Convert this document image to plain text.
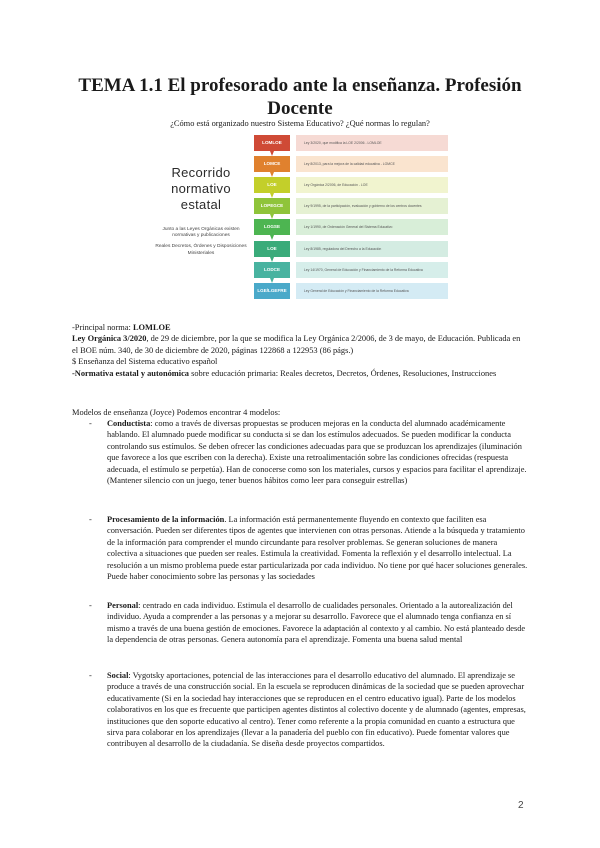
TEMA 1.1 El profesorado ante la enseñanza. Profesión Docente
¿Cómo está organizado nuestro Sistema Educativo? ¿Qué normas lo regulan?
Recorrido normativo estatal
Junto a las Leyes Orgánicas existen normativas y publicaciones
Reales Decretos, Órdenes y Disposiciones Ministeriales
LOMLOE	Ley 3/2020, que modifica la LOE 2/2006 - LOMLOE
LOMCE	Ley 8/2013, para la mejora de la calidad educativa - LOMCE
LOE	Ley Orgánica 2/2006, de Educación - LOE
LOPEGCE	Ley 9/1995, de la participación, evaluación y gobierno de los centros docentes
LOGSE	Ley 1/1990, de Ordenación General del Sistema Educativo
LOE	Ley 8/1985, reguladora del Derecho a la Educación
LODCE	Ley 14/1970, General de Educación y Financiamiento de la Reforma Educativa
LGE/LGEFRE	Ley General de Educación y Financiamiento de la Reforma Educativa

-Principal norma: LOMLOE

Ley Orgánica 3/2020, de 29 de diciembre, por la que se modifica la Ley Orgánica 2/2006, de 3 de mayo, de Educación. Publicada en el BOE núm. 340, de 30 de diciembre de 2020, páginas 122868 a 122953 (86 págs.)

$ Enseñanza del Sistema educativo español

-Normativa estatal y autonómica sobre educación primaria: Reales decretos, Decretos, Órdenes, Resoluciones, Instrucciones

Modelos de enseñanza (Joyce) Podemos encontrar 4 modelos:
- Conductista: como a través de diversas propuestas se producen mejoras en la conducta del alumnado académicamente hablando. El alumnado puede modificar su conducta si se dan los estímulos adecuados. Se pueden modificar la conducta controlando sus estímulos. Se deben ofrecer las condiciones adecuadas para que se produzcan los aprendizajes (iluminación que favorece a los que escriben con la derecha). Existe una retroalimentación sobre las condiciones ofrecidas (respuesta adecuada, el estímulo se perpetúa). Han de conocerse como son los materiales, cursos y espacios para facilitar el aprendizaje. (Mantener silencio con un juego, tener buenos hábitos como leer para conseguir estrellas)
- Procesamiento de la información. La información está permanentemente fluyendo en contexto que faciliten esa conversación. Pueden ser diferentes tipos de agentes que intervienen con otras personas. Atiende a la búsqueda y tratamiento de la información para comprender el mundo circundante para resolver problemas. Se generan soluciones de manera colectiva a situaciones que pueden ser reales. Estimula la creatividad. Fomenta la reflexión y el desarrollo intelectual. La resolución a un mismo problema puede estar particularizada por cada individuo. No tiene por qué hacer soluciones generales. Puede haber conocimiento sobre las personas y las sociedades
- Personal: centrado en cada individuo. Estimula el desarrollo de cualidades personales. Orientado a la autorealización del individuo. Ayuda a comprender a las personas y a mejorar su desarrollo. Favorece que el alumnado tenga confianza en sí mismo a través de una buena gestión de emociones. Favorece la adaptación al contexto y al cambio. No está planteado desde la dependencia de otras personas. Genera autonomía para el aprendizaje. Fomenta una buena salud mental
- Social: Vygotsky aportaciones, potencial de las interacciones para el desarrollo educativo del alumnado. El aprendizaje se produce a través de una construcción social. En la escuela se reproducen dinámicas de la sociedad que se pueden aprovechar educativamente (Si en la sociedad hay interacciones que se reproducen en el centro educativo igual). Parte de los modelos colaborativos en los que es frecuente que participen agentes distintos al colectivo docente y de alumnado (agentes, empresas, instituciones que den soporte educativo al centro). Tener como referente a la propia comunidad en cuanto a estructura que sirva para colaborar en los aprendizajes (llevar a la panadería del pueblo con fin educativo). Puede fomentar valores que contribuyen al desarrollo de la ciudadanía. Se diseña desde proyectos compartidos.
2
